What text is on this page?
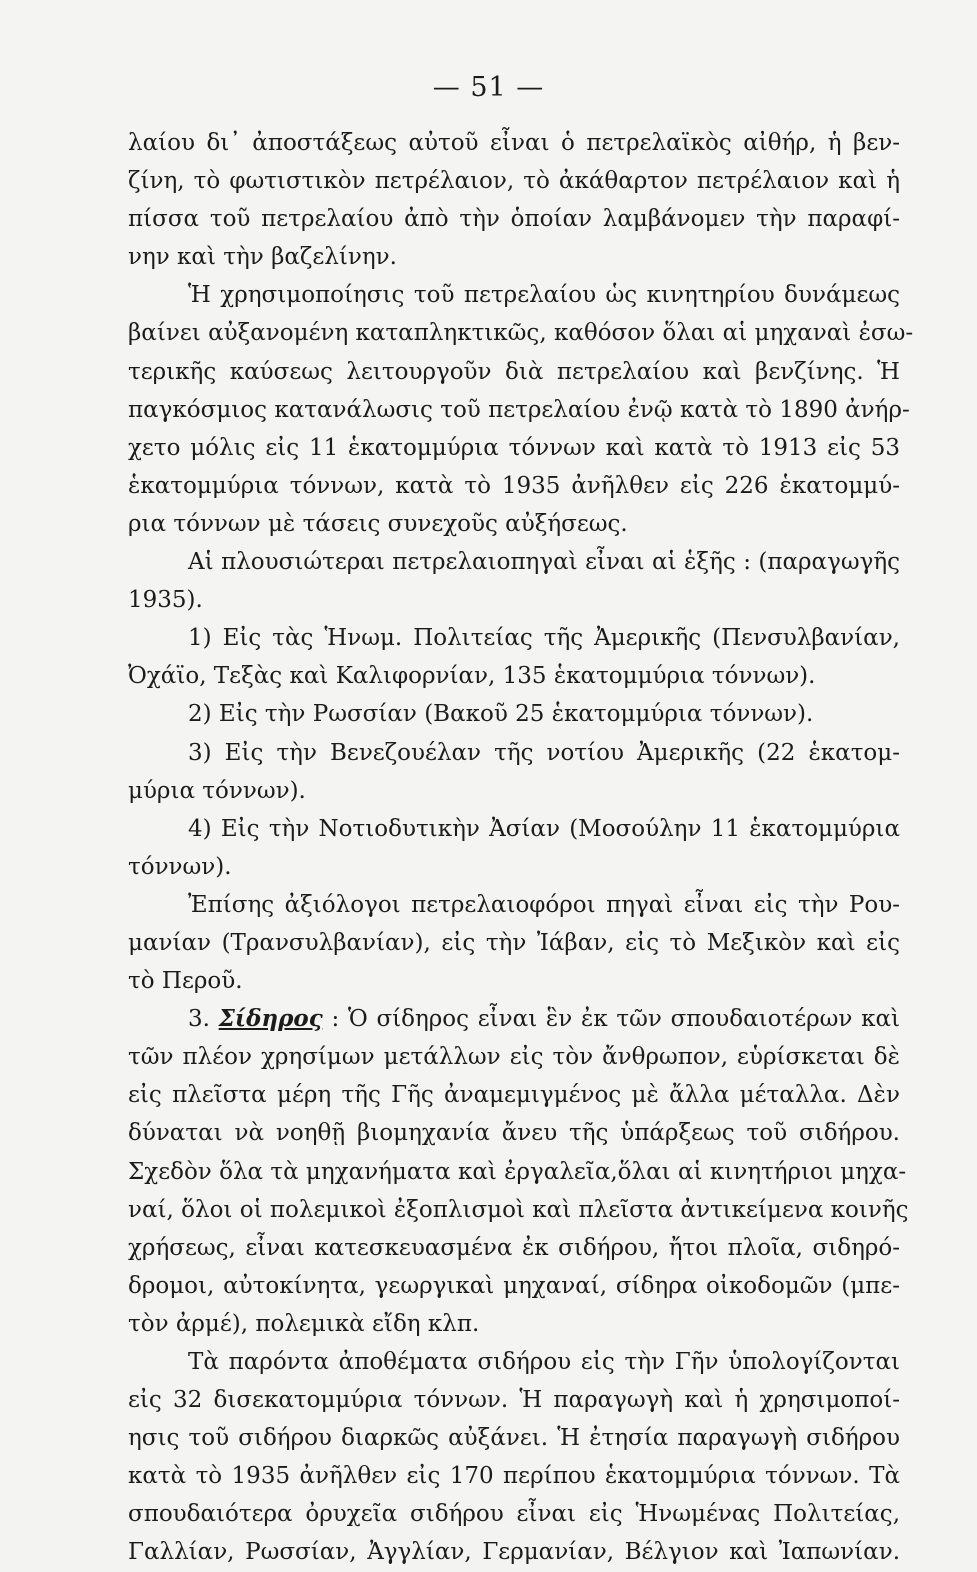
— 51 —
λαίου δι᾿ ἀποστάξεως αὐτοῦ εἶναι ὁ πετρελαϊκὸς αἰθήρ, ἡ βεν-
ζίνη, τὸ φωτιστικὸν πετρέλαιον, τὸ ἀκάθαρτον πετρέλαιον καὶ ἡ
πίσσα τοῦ πετρελαίου ἀπὸ τὴν ὁποίαν λαμβάνομεν τὴν παραφί-
νην καὶ τὴν βαζελίνην.
Ἡ χρησιμοποίησις τοῦ πετρελαίου ὡς κινητηρίου δυνάμεως
βαίνει αὐξανομένη καταπληκτικῶς, καθόσον ὅλαι αἱ μηχαναὶ ἐσω-
τερικῆς καύσεως λειτουργοῦν διὰ πετρελαίου καὶ βενζίνης. Ἡ
παγκόσμιος κατανάλωσις τοῦ πετρελαίου ἐνῷ κατὰ τὸ 1890 ἀνήρ-
χετο μόλις εἰς 11 ἑκατομμύρια τόννων καὶ κατὰ τὸ 1913 εἰς 53
ἑκατομμύρια τόννων, κατὰ τὸ 1935 ἀνῆλθεν εἰς 226 ἑκατομμύ-
ρια τόννων μὲ τάσεις συνεχοῦς αὐξήσεως.
Αἱ πλουσιώτεραι πετρελαιοπηγαὶ εἶναι αἱ ἑξῆς : (παραγωγῆς
1935).
1) Εἰς τὰς Ἡνωμ. Πολιτείας τῆς Ἀμερικῆς (Πενσυλβανίαν,
Ὀχάϊο, Τεξὰς καὶ Καλιφορνίαν, 135 ἑκατομμύρια τόννων).
2) Εἰς τὴν Ρωσσίαν (Βακοῦ 25 ἑκατομμύρια τόννων).
3) Εἰς τὴν Βενεζουέλαν τῆς νοτίου Ἀμερικῆς (22 ἑκατομ-
μύρια τόννων).
4) Εἰς τὴν Νοτιοδυτικὴν Ἀσίαν (Μοσούλην 11 ἑκατομμύρια
τόννων).
Ἐπίσης ἀξιόλογοι πετρελαιοφόροι πηγαὶ εἶναι εἰς τὴν Ρου-
μανίαν (Τρανσυλβανίαν), εἰς τὴν Ἰάβαν, εἰς τὸ Μεξικὸν καὶ εἰς
τὸ Περοῦ.
3. Σίδηρος : Ὁ σίδηρος εἶναι ἓν ἐκ τῶν σπουδαιοτέρων καὶ
τῶν πλέον χρησίμων μετάλλων εἰς τὸν ἄνθρωπον, εὑρίσκεται δὲ
εἰς πλεῖστα μέρη τῆς Γῆς ἀναμεμιγμένος μὲ ἄλλα μέταλλα. Δὲν
δύναται νὰ νοηθῇ βιομηχανία ἄνευ τῆς ὑπάρξεως τοῦ σιδήρου.
Σχεδὸν ὅλα τὰ μηχανήματα καὶ ἐργαλεῖα,ὅλαι αἱ κινητήριοι μηχα-
ναί, ὅλοι οἱ πολεμικοὶ ἐξοπλισμοὶ καὶ πλεῖστα ἀντικείμενα κοινῆς
χρήσεως, εἶναι κατεσκευασμένα ἐκ σιδήρου, ἤτοι πλοῖα, σιδηρό-
δρομοι, αὐτοκίνητα, γεωργικαὶ μηχαναί, σίδηρα οἰκοδομῶν (μπε-
τὸν ἀρμέ), πολεμικὰ εἴδη κλπ.
Τὰ παρόντα ἀποθέματα σιδήρου εἰς τὴν Γῆν ὑπολογίζονται
εἰς 32 δισεκατομμύρια τόννων. Ἡ παραγωγὴ καὶ ἡ χρησιμοποί-
ησις τοῦ σιδήρου διαρκῶς αὐξάνει. Ἡ ἐτησία παραγωγὴ σιδήρου
κατὰ τὸ 1935 ἀνῆλθεν εἰς 170 περίπου ἑκατομμύρια τόννων. Τὰ
σπουδαιότερα ὀρυχεῖα σιδήρου εἶναι εἰς Ἡνωμένας Πολιτείας,
Γαλλίαν, Ρωσσίαν, Ἀγγλίαν, Γερμανίαν, Βέλγιον καὶ Ἰαπωνίαν.
